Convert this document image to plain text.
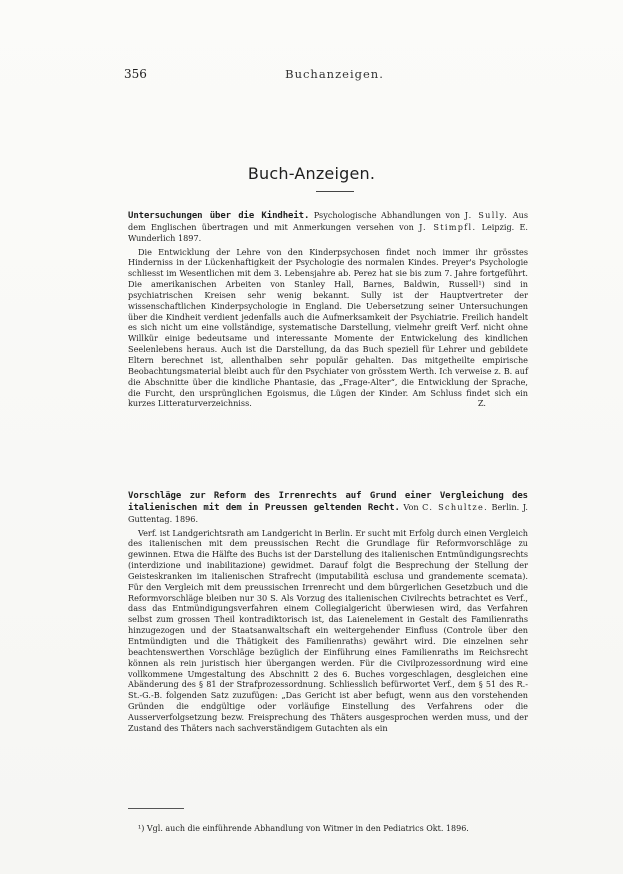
356	Buchanzeigen.
Buch-Anzeigen.

Untersuchungen über die Kindheit. Psychologische Abhandlungen von J. Sully. Aus dem Englischen übertragen und mit Anmerkungen versehen von J. Stimpfl. Leipzig. E. Wunderlich 1897.

Die Entwicklung der Lehre von den Kinderpsychosen findet noch immer ihr grösstes Hinderniss in der Lückenhaftigkeit der Psychologie des normalen Kindes. Preyer's Psychologie schliesst im Wesentlichen mit dem 3. Lebensjahre ab. Perez hat sie bis zum 7. Jahre fortgeführt. Die amerikanischen Arbeiten von Stanley Hall, Barnes, Baldwin, Russell¹) sind in psychiatrischen Kreisen sehr wenig bekannt. Sully ist der Hauptvertreter der wissenschaftlichen Kinderpsychologie in England. Die Uebersetzung seiner Untersuchungen über die Kindheit verdient jedenfalls auch die Aufmerksamkeit der Psychiatrie. Freilich handelt es sich nicht um eine vollständige, systematische Darstellung, vielmehr greift Verf. nicht ohne Willkür einige bedeutsame und interessante Momente der Entwickelung des kindlichen Seelenlebens heraus. Auch ist die Darstellung, da das Buch speziell für Lehrer und gebildete Eltern berechnet ist, allenthalben sehr populär gehalten. Das mitgetheilte empirische Beobachtungsmaterial bleibt auch für den Psychiater von grösstem Werth. Ich verweise z. B. auf die Abschnitte über die kindliche Phantasie, das „Frage-Alter“, die Entwicklung der Sprache, die Furcht, den ursprünglichen Egoismus, die Lügen der Kinder. Am Schluss findet sich ein kurzes Litteraturverzeichniss.	Z.

Vorschläge zur Reform des Irrenrechts auf Grund einer Vergleichung des italienischen mit dem in Preussen geltenden Recht. Von C. Schultze. Berlin. J. Guttentag. 1896.

Verf. ist Landgerichtsrath am Landgericht in Berlin. Er sucht mit Erfolg durch einen Vergleich des italienischen mit dem preussischen Recht die Grundlage für Reformvorschläge zu gewinnen. Etwa die Hälfte des Buchs ist der Darstellung des italienischen Entmündigungsrechts (interdizione und inabilitazione) gewidmet. Darauf folgt die Besprechung der Stellung der Geisteskranken im italienischen Strafrecht (imputabilità esclusa und grandemente scemata). Für den Vergleich mit dem preussischen Irrenrecht und dem bürgerlichen Gesetzbuch und die Reformvorschläge bleiben nur 30 S. Als Vorzug des italienischen Civilrechts betrachtet es Verf., dass das Entmündigungsverfahren einem Collegialgericht überwiesen wird, das Verfahren selbst zum grossen Theil kontradiktorisch ist, das Laienelement in Gestalt des Familienraths hinzugezogen und der Staatsanwaltschaft ein weitergehender Einfluss (Controle über den Entmündigten und die Thätigkeit des Familienraths) gewährt wird. Die einzelnen sehr beachtenswerthen Vorschläge bezüglich der Einführung eines Familienraths im Reichsrecht können als rein juristisch hier übergangen werden. Für die Civilprozessordnung wird eine vollkommene Umgestaltung des Abschnitt 2 des 6. Buches vorgeschlagen, desgleichen eine Abänderung des § 81 der Strafprozessordnung. Schliesslich befürwortet Verf., dem § 51 des R.-St.-G.-B. folgenden Satz zuzufügen: „Das Gericht ist aber befugt, wenn aus den vorstehenden Gründen die endgültige oder vorläufige Einstellung des Verfahrens oder die Ausserverfolgsetzung bezw. Freisprechung des Thäters ausgesprochen werden muss, und der Zustand des Thäters nach sachverständigem Gutachten als ein

¹) Vgl. auch die einführende Abhandlung von Witmer in den Pediatrics Okt. 1896.
